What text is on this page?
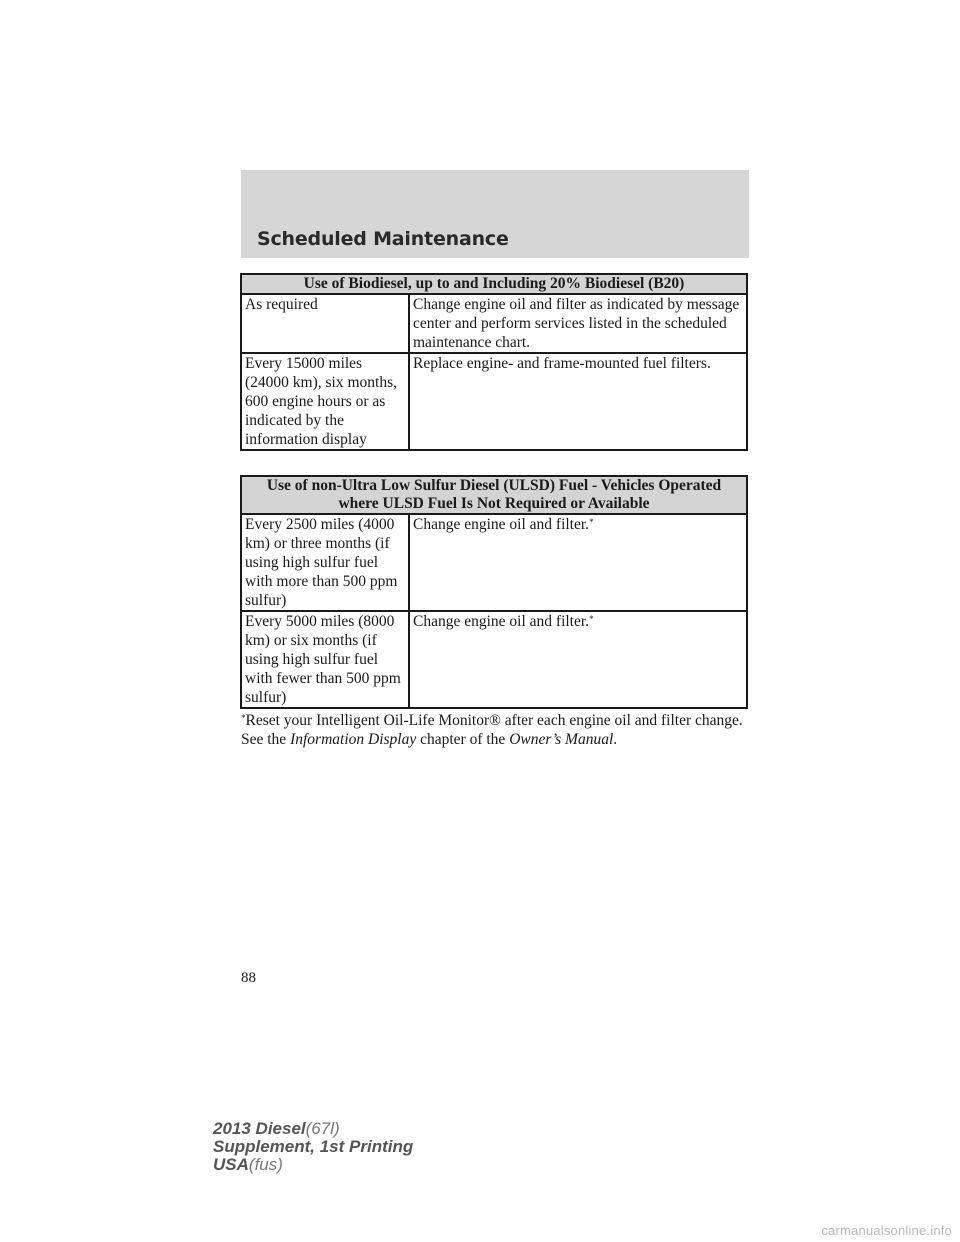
Scheduled Maintenance
Use of Biodiesel, up to and Including 20% Biodiesel (B20)	
As required	Change engine oil and filter as indicated by message center and perform services listed in the scheduled maintenance chart.
Every 15000 miles (24000 km), six months, 600 engine hours or as indicated by the information display	Replace engine- and frame-mounted fuel filters.
Use of non-Ultra Low Sulfur Diesel (ULSD) Fuel - Vehicles Operated where ULSD Fuel Is Not Required or Available	
Every 2500 miles (4000 km) or three months (if using high sulfur fuel with more than 500 ppm sulfur)	Change engine oil and filter.*
Every 5000 miles (8000 km) or six months (if using high sulfur fuel with fewer than 500 ppm sulfur)	Change engine oil and filter.*
*Reset your Intelligent Oil-Life Monitor® after each engine oil and filter change. See the Information Display chapter of the Owner’s Manual.
88
2013 Diesel(67l)
Supplement, 1st Printing
USA(fus)
carmanualsonline.info
